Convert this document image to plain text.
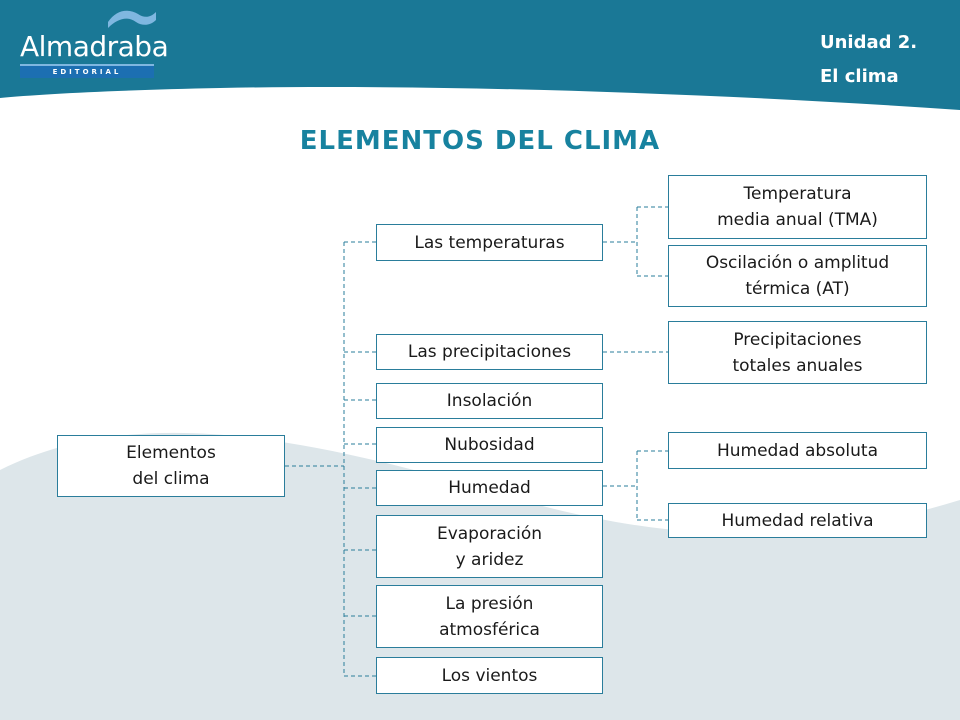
Almadraba
EDITORIAL
Unidad 2.
El clima
ELEMENTOS DEL CLIMA
Elementos
del clima
Las temperaturas
Las precipitaciones
Insolación
Nubosidad
Humedad
Evaporación
y aridez
La presión
atmosférica
Los vientos
Temperatura
media anual (TMA)
Oscilación o amplitud
térmica (AT)
Precipitaciones
totales anuales
Humedad absoluta
Humedad relativa
